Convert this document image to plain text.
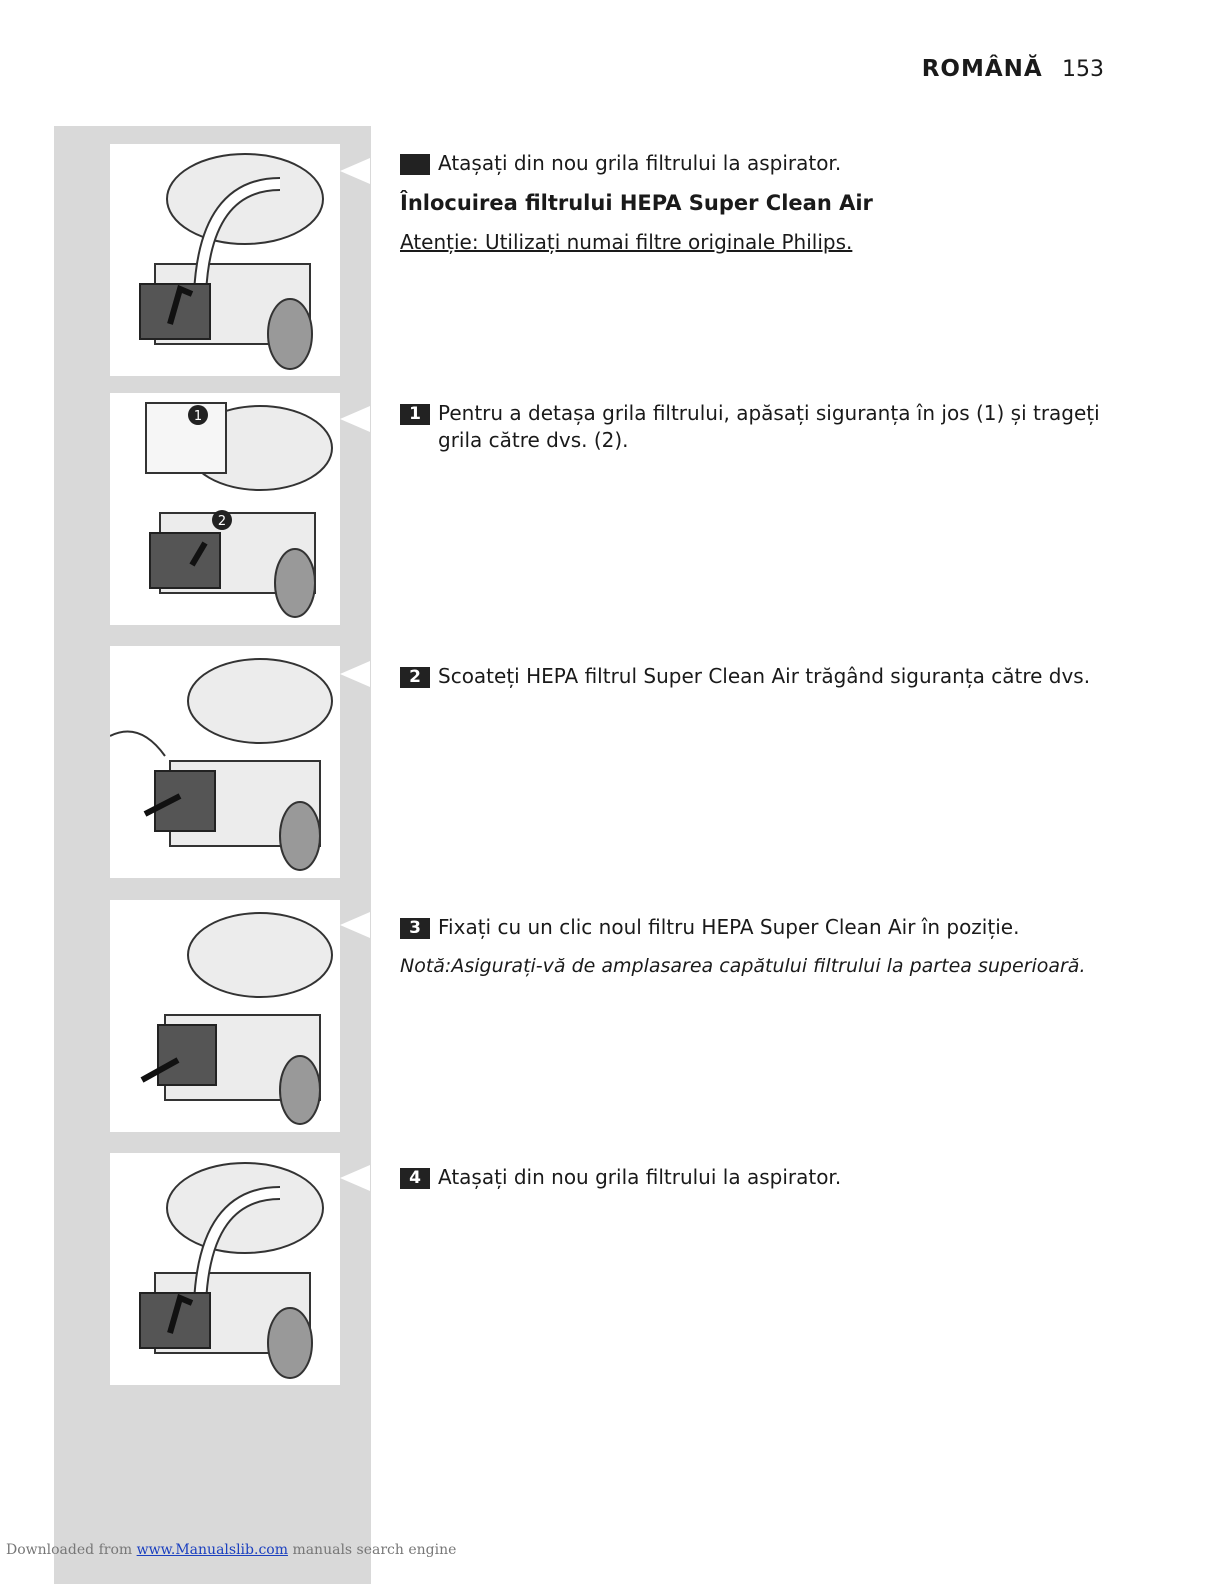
ROMÂNĂ 153
1
2
Atașați din nou grila filtrului la aspirator.
Înlocuirea filtrului HEPA Super Clean Air
Atenție: Utilizați numai filtre originale Philips.
1 Pentru a detașa grila filtrului, apăsați siguranța în jos (1) și trageți grila către dvs. (2).
2 Scoateți HEPA filtrul Super Clean Air trăgând siguranța către dvs.
3 Fixați cu un clic noul filtru HEPA Super Clean Air în poziție.
Notă:Asigurați-vă de amplasarea capătului filtrului la partea superioară.
4 Atașați din nou grila filtrului la aspirator.
Downloaded from www.Manualslib.com manuals search engine
